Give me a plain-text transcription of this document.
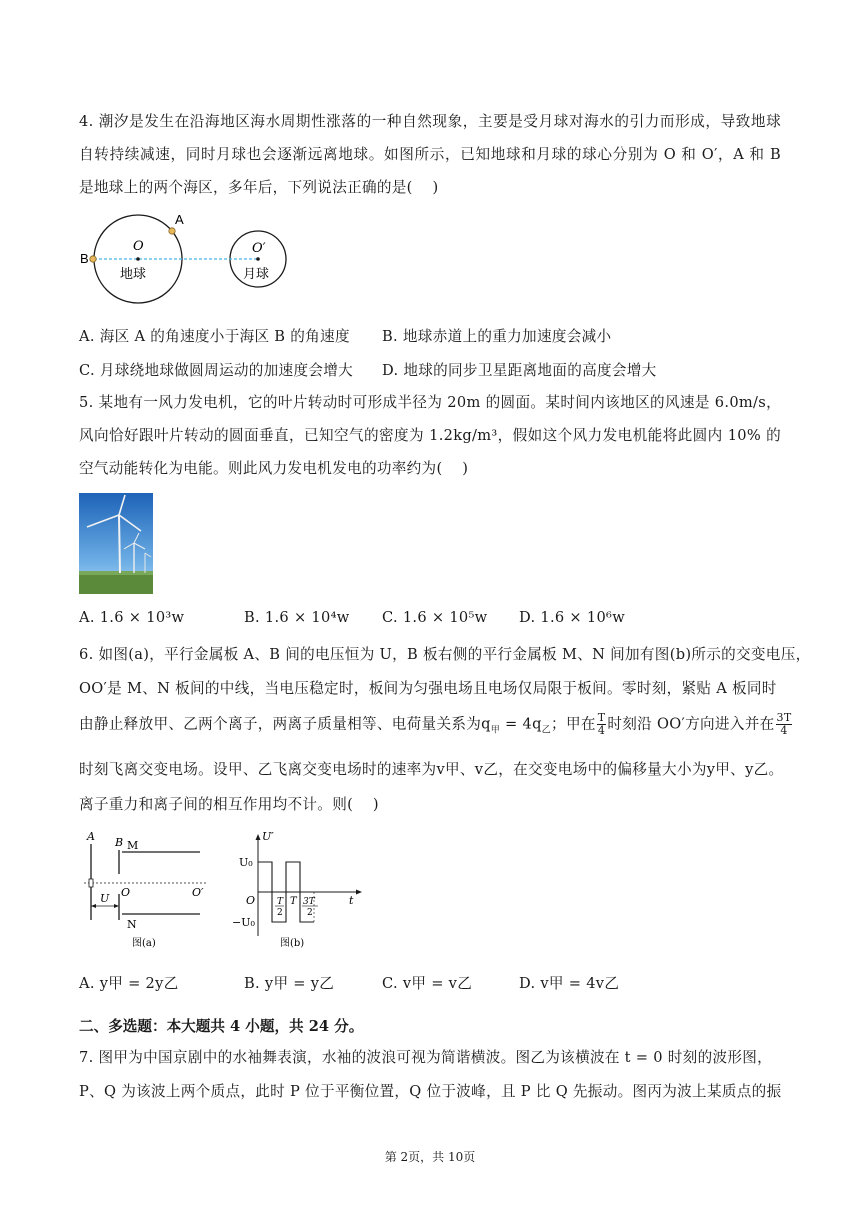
4. 潮汐是发生在沿海地区海水周期性涨落的一种自然现象，主要是受月球对海水的引力而形成，导致地球自转持续减速，同时月球也会逐渐远离地球。如图所示，已知地球和月球的球心分别为 O 和 O′，A 和 B 是地球上的两个海区，多年后，下列说法正确的是(　 )
B
A
O	O′
地球	月球
A. 海区 A 的角速度小于海区 B 的角速度 B. 地球赤道上的重力加速度会减小
C. 月球绕地球做圆周运动的加速度会增大 D. 地球的同步卫星距离地面的高度会增大
5. 某地有一风力发电机，它的叶片转动时可形成半径为 20m 的圆面。某时间内该地区的风速是 6.0m/s，风向恰好跟叶片转动的圆面垂直，已知空气的密度为 1.2kg/m³，假如这个风力发电机能将此圆内 10% 的空气动能转化为电能。则此风力发电机发电的功率约为(　 )
A. 1.6 × 10³w	B. 1.6 × 10⁴w C. 1.6 × 10⁵w D. 1.6 × 10⁶w
6. 如图(a)，平行金属板 A、B 间的电压恒为 U，B 板右侧的平行金属板 M、N 间加有图(b)所示的交变电压，
OO′是 M、N 板间的中线，当电压稳定时，板间为匀强电场且电场仅局限于板间。零时刻，紧贴 A 板同时
由静止释放甲、乙两个离子，两离子质量相等、电荷量关系为$q_甲 = 4q_乙$；甲在 $\frac{T}{4}$ 时刻沿 OO′方向进入并在 $\frac{3T}{4}$
时刻飞离交变电场。设甲、乙飞离交变电场时的速率为v甲、v乙，在交变电场中的偏移量大小为y甲、y乙。
离子重力和离子间的相互作用均不计。则(　 )
A B M
N
O	O′
U
图(a)
U′
U₀
−U₀
O T
2
T 3T
2
t
图(b)
A. y甲 = 2y乙	B. y甲 = y乙	C. v甲 = v乙	D. v甲 = 4v乙
二、多选题：本大题共 4 小题，共 24 分。
7. 图甲为中国京剧中的水袖舞表演，水袖的波浪可视为简谐横波。图乙为该横波在 t = 0 时刻的波形图，
P、Q 为该波上两个质点，此时 P 位于平衡位置，Q 位于波峰，且 P 比 Q 先振动。图丙为波上某质点的振
第 2页，共 10页
